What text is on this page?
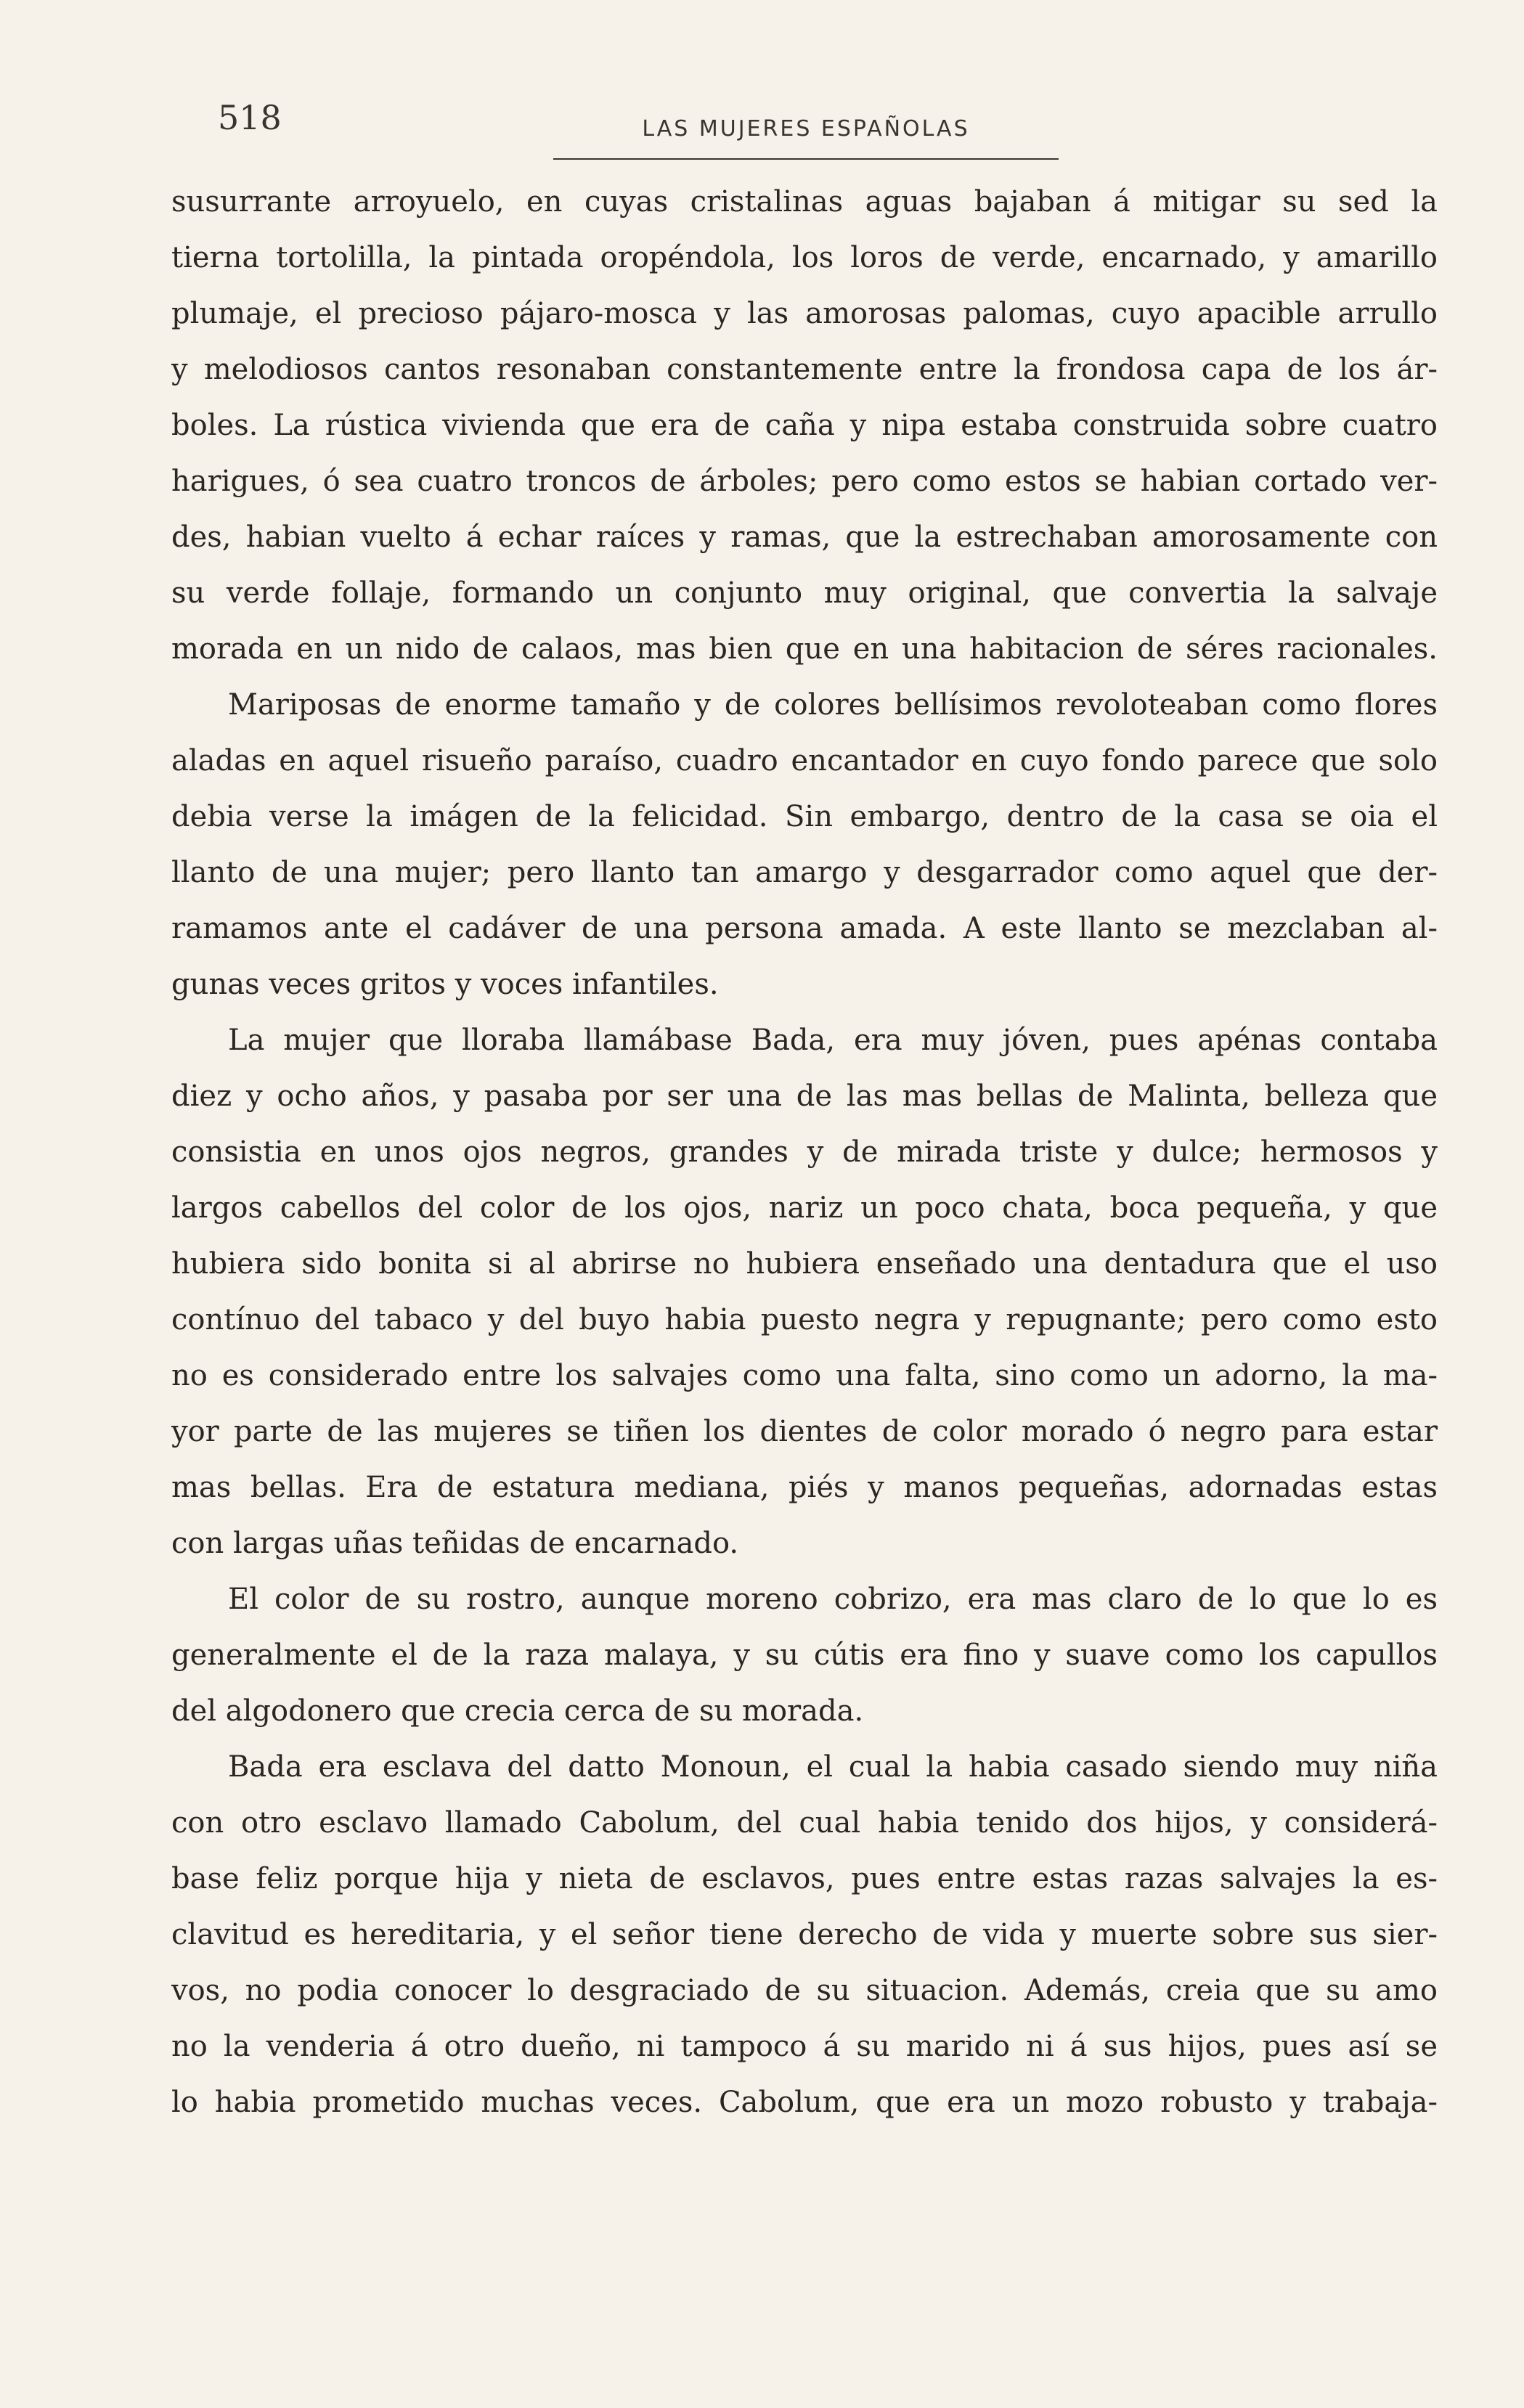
518	LAS MUJERES ESPAÑOLAS
susurrante arroyuelo, en cuyas cristalinas aguas bajaban á mitigar su sed la
tierna tortolilla, la pintada oropéndola, los loros de verde, encarnado, y amarillo
plumaje, el precioso pájaro-mosca y las amorosas palomas, cuyo apacible arrullo
y melodiosos cantos resonaban constantemente entre la frondosa capa de los ár-
boles. La rústica vivienda que era de caña y nipa estaba construida sobre cuatro
harigues, ó sea cuatro troncos de árboles; pero como estos se habian cortado ver-
des, habian vuelto á echar raíces y ramas, que la estrechaban amorosamente con
su verde follaje, formando un conjunto muy original, que convertia la salvaje
morada en un nido de calaos, mas bien que en una habitacion de séres racionales.
Mariposas de enorme tamaño y de colores bellísimos revoloteaban como flores
aladas en aquel risueño paraíso, cuadro encantador en cuyo fondo parece que solo
debia verse la imágen de la felicidad. Sin embargo, dentro de la casa se oia el
llanto de una mujer; pero llanto tan amargo y desgarrador como aquel que der-
ramamos ante el cadáver de una persona amada. A este llanto se mezclaban al-
gunas veces gritos y voces infantiles.
La mujer que lloraba llamábase Bada, era muy jóven, pues apénas contaba
diez y ocho años, y pasaba por ser una de las mas bellas de Malinta, belleza que
consistia en unos ojos negros, grandes y de mirada triste y dulce; hermosos y
largos cabellos del color de los ojos, nariz un poco chata, boca pequeña, y que
hubiera sido bonita si al abrirse no hubiera enseñado una dentadura que el uso
contínuo del tabaco y del buyo habia puesto negra y repugnante; pero como esto
no es considerado entre los salvajes como una falta, sino como un adorno, la ma-
yor parte de las mujeres se tiñen los dientes de color morado ó negro para estar
mas bellas. Era de estatura mediana, piés y manos pequeñas, adornadas estas
con largas uñas teñidas de encarnado.
El color de su rostro, aunque moreno cobrizo, era mas claro de lo que lo es
generalmente el de la raza malaya, y su cútis era fino y suave como los capullos
del algodonero que crecia cerca de su morada.
Bada era esclava del datto Monoun, el cual la habia casado siendo muy niña
con otro esclavo llamado Cabolum, del cual habia tenido dos hijos, y considerá-
base feliz porque hija y nieta de esclavos, pues entre estas razas salvajes la es-
clavitud es hereditaria, y el señor tiene derecho de vida y muerte sobre sus sier-
vos, no podia conocer lo desgraciado de su situacion. Además, creia que su amo
no la venderia á otro dueño, ni tampoco á su marido ni á sus hijos, pues así se
lo habia prometido muchas veces. Cabolum, que era un mozo robusto y trabaja-
